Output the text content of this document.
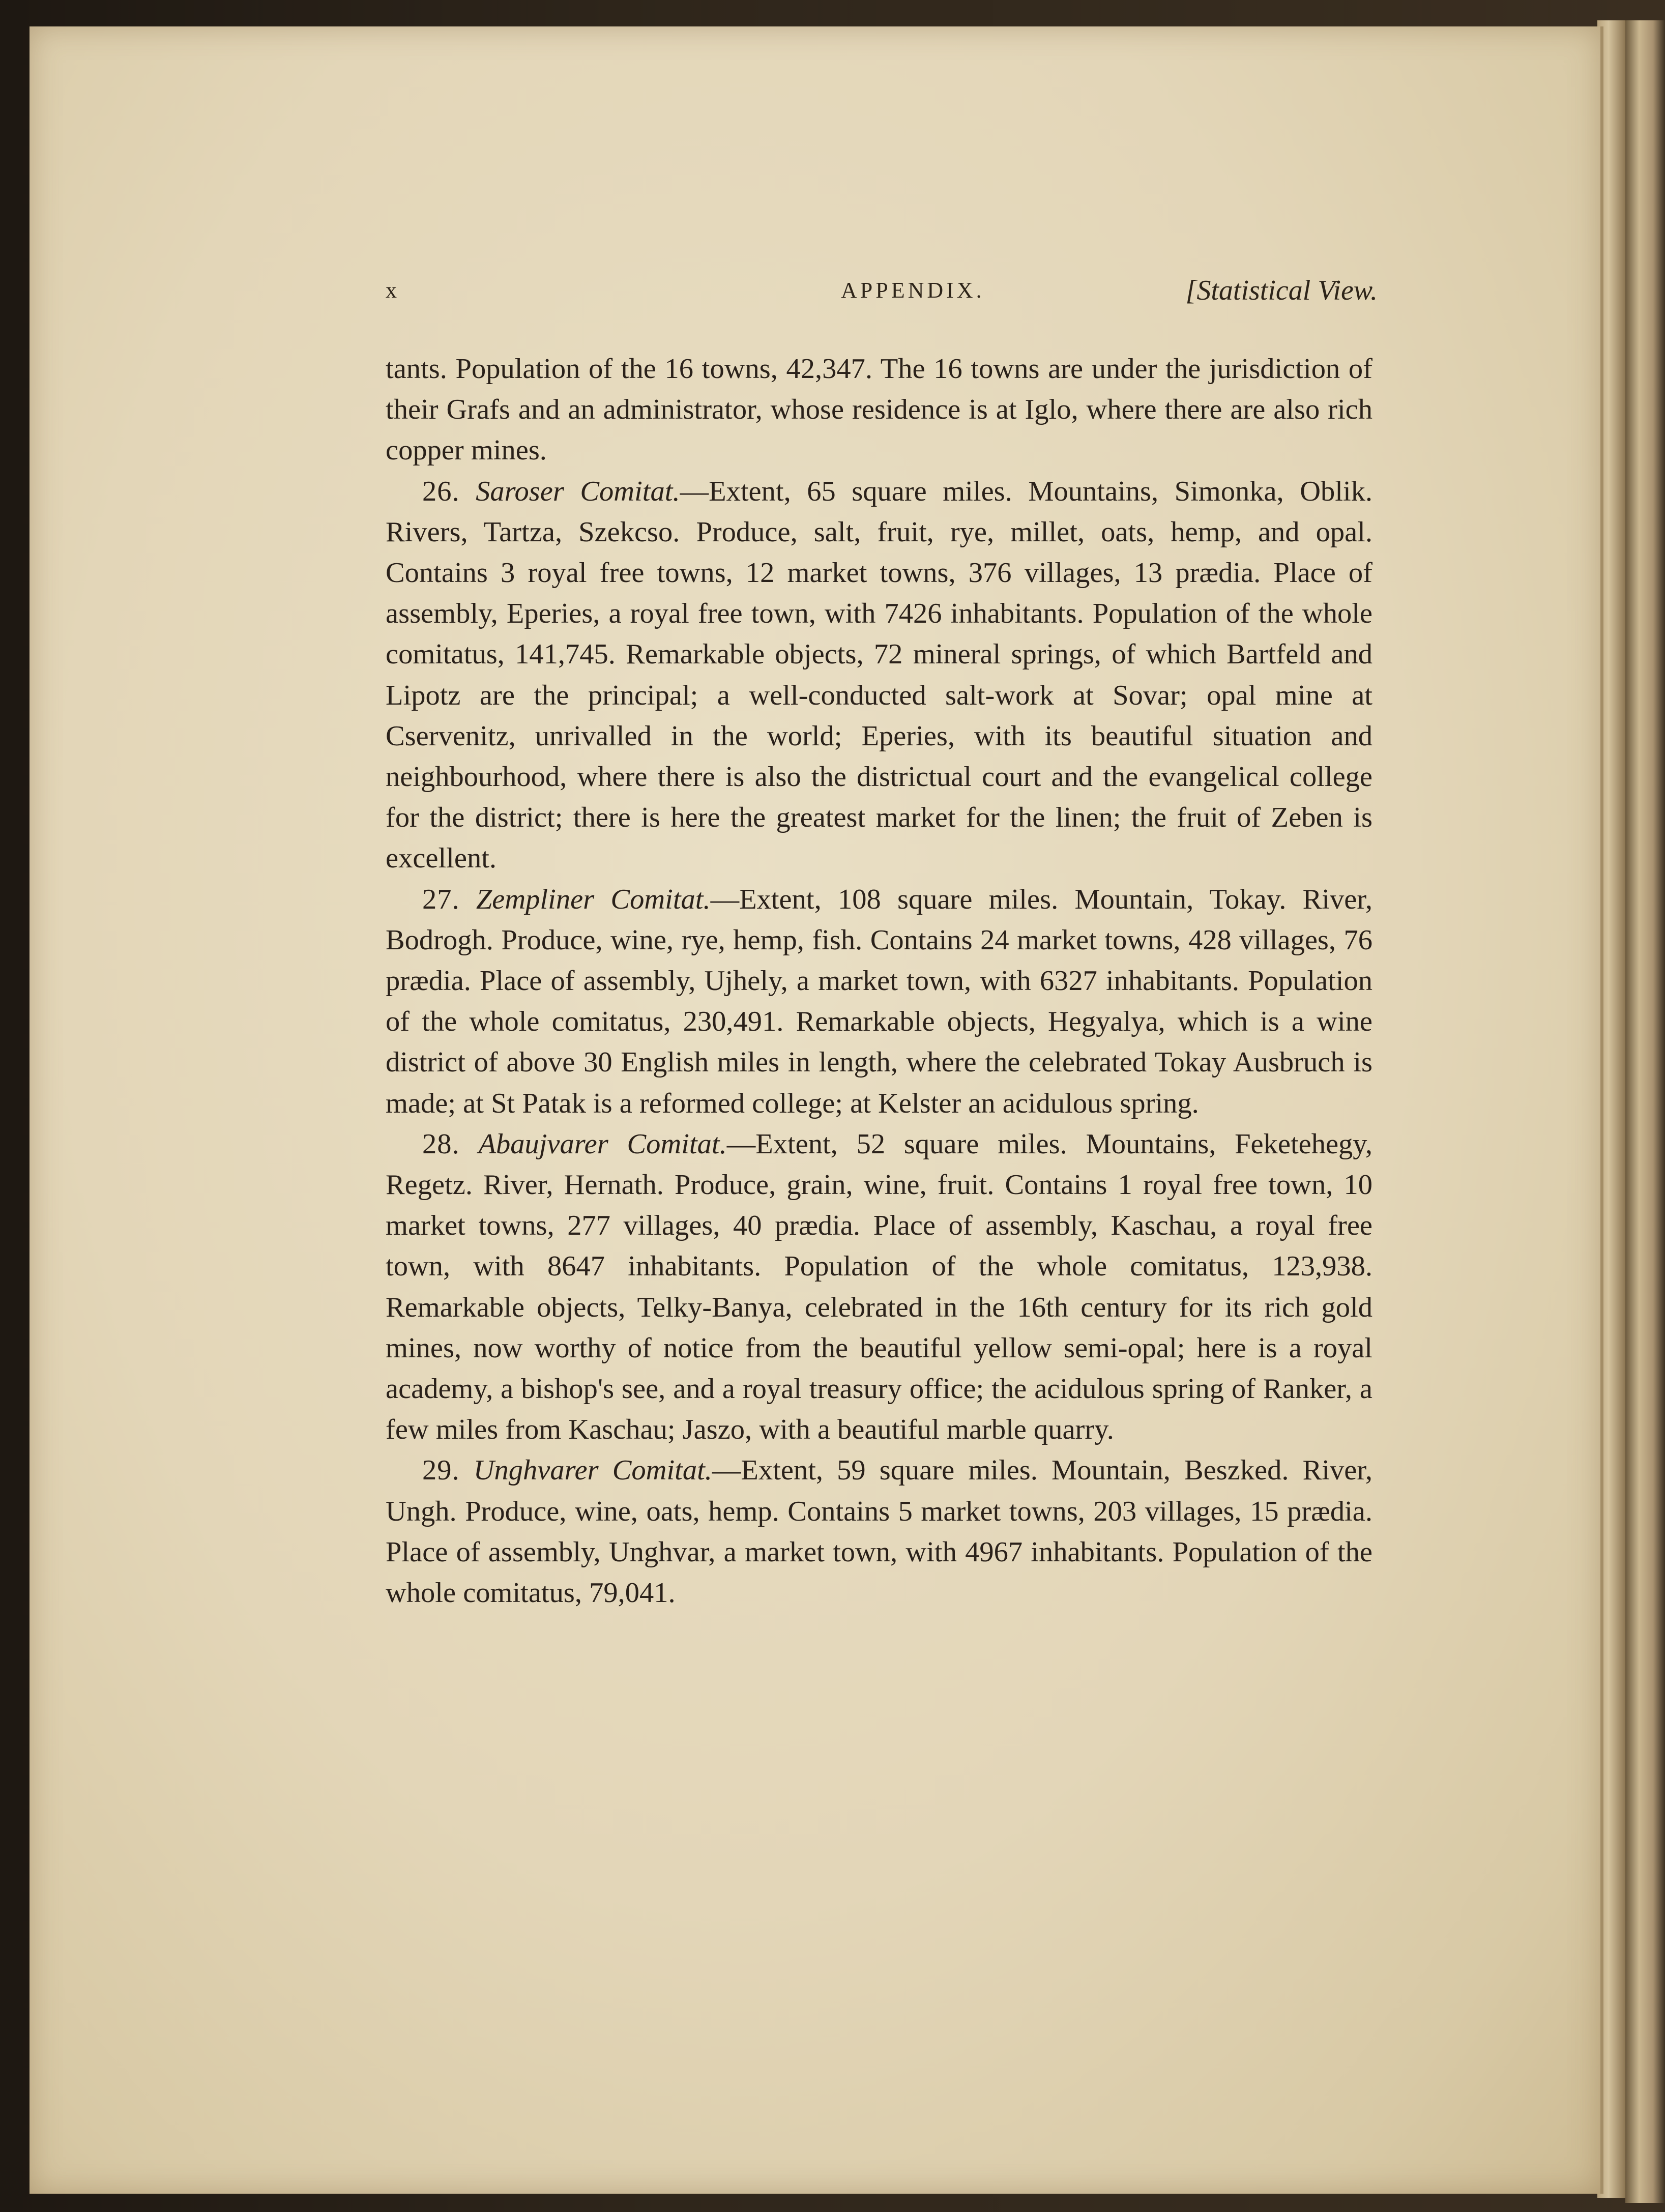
x	APPENDIX.	[Statistical View.

tants. Population of the 16 towns, 42,347. The 16 towns are under the jurisdiction of their Grafs and an administrator, whose residence is at Iglo, where there are also rich copper mines.

26. Saroser Comitat.—Extent, 65 square miles. Mountains, Simonka, Oblik. Rivers, Tartza, Szekcso. Produce, salt, fruit, rye, millet, oats, hemp, and opal. Contains 3 royal free towns, 12 market towns, 376 villages, 13 prædia. Place of assembly, Eperies, a royal free town, with 7426 inhabitants. Population of the whole comitatus, 141,745. Remarkable objects, 72 mineral springs, of which Bartfeld and Lipotz are the principal; a well-conducted salt-work at Sovar; opal mine at Cservenitz, unrivalled in the world; Eperies, with its beautiful situation and neighbourhood, where there is also the districtual court and the evangelical college for the district; there is here the greatest market for the linen; the fruit of Zeben is excellent.

27. Zempliner Comitat.—Extent, 108 square miles. Mountain, Tokay. River, Bodrogh. Produce, wine, rye, hemp, fish. Contains 24 market towns, 428 villages, 76 prædia. Place of assembly, Ujhely, a market town, with 6327 inhabitants. Population of the whole comitatus, 230,491. Remarkable objects, Hegyalya, which is a wine district of above 30 English miles in length, where the celebrated Tokay Ausbruch is made; at St Patak is a reformed college; at Kelster an acidulous spring.

28. Abaujvarer Comitat.—Extent, 52 square miles. Mountains, Feketehegy, Regetz. River, Hernath. Produce, grain, wine, fruit. Contains 1 royal free town, 10 market towns, 277 villages, 40 prædia. Place of assembly, Kaschau, a royal free town, with 8647 inhabitants. Population of the whole comitatus, 123,938. Remarkable objects, Telky-Banya, celebrated in the 16th century for its rich gold mines, now worthy of notice from the beautiful yellow semi-opal; here is a royal academy, a bishop's see, and a royal treasury office; the acidulous spring of Ranker, a few miles from Kaschau; Jaszo, with a beautiful marble quarry.

29. Unghvarer Comitat.—Extent, 59 square miles. Mountain, Beszked. River, Ungh. Produce, wine, oats, hemp. Contains 5 market towns, 203 villages, 15 prædia. Place of assembly, Unghvar, a market town, with 4967 inhabitants. Population of the whole comitatus, 79,041.
